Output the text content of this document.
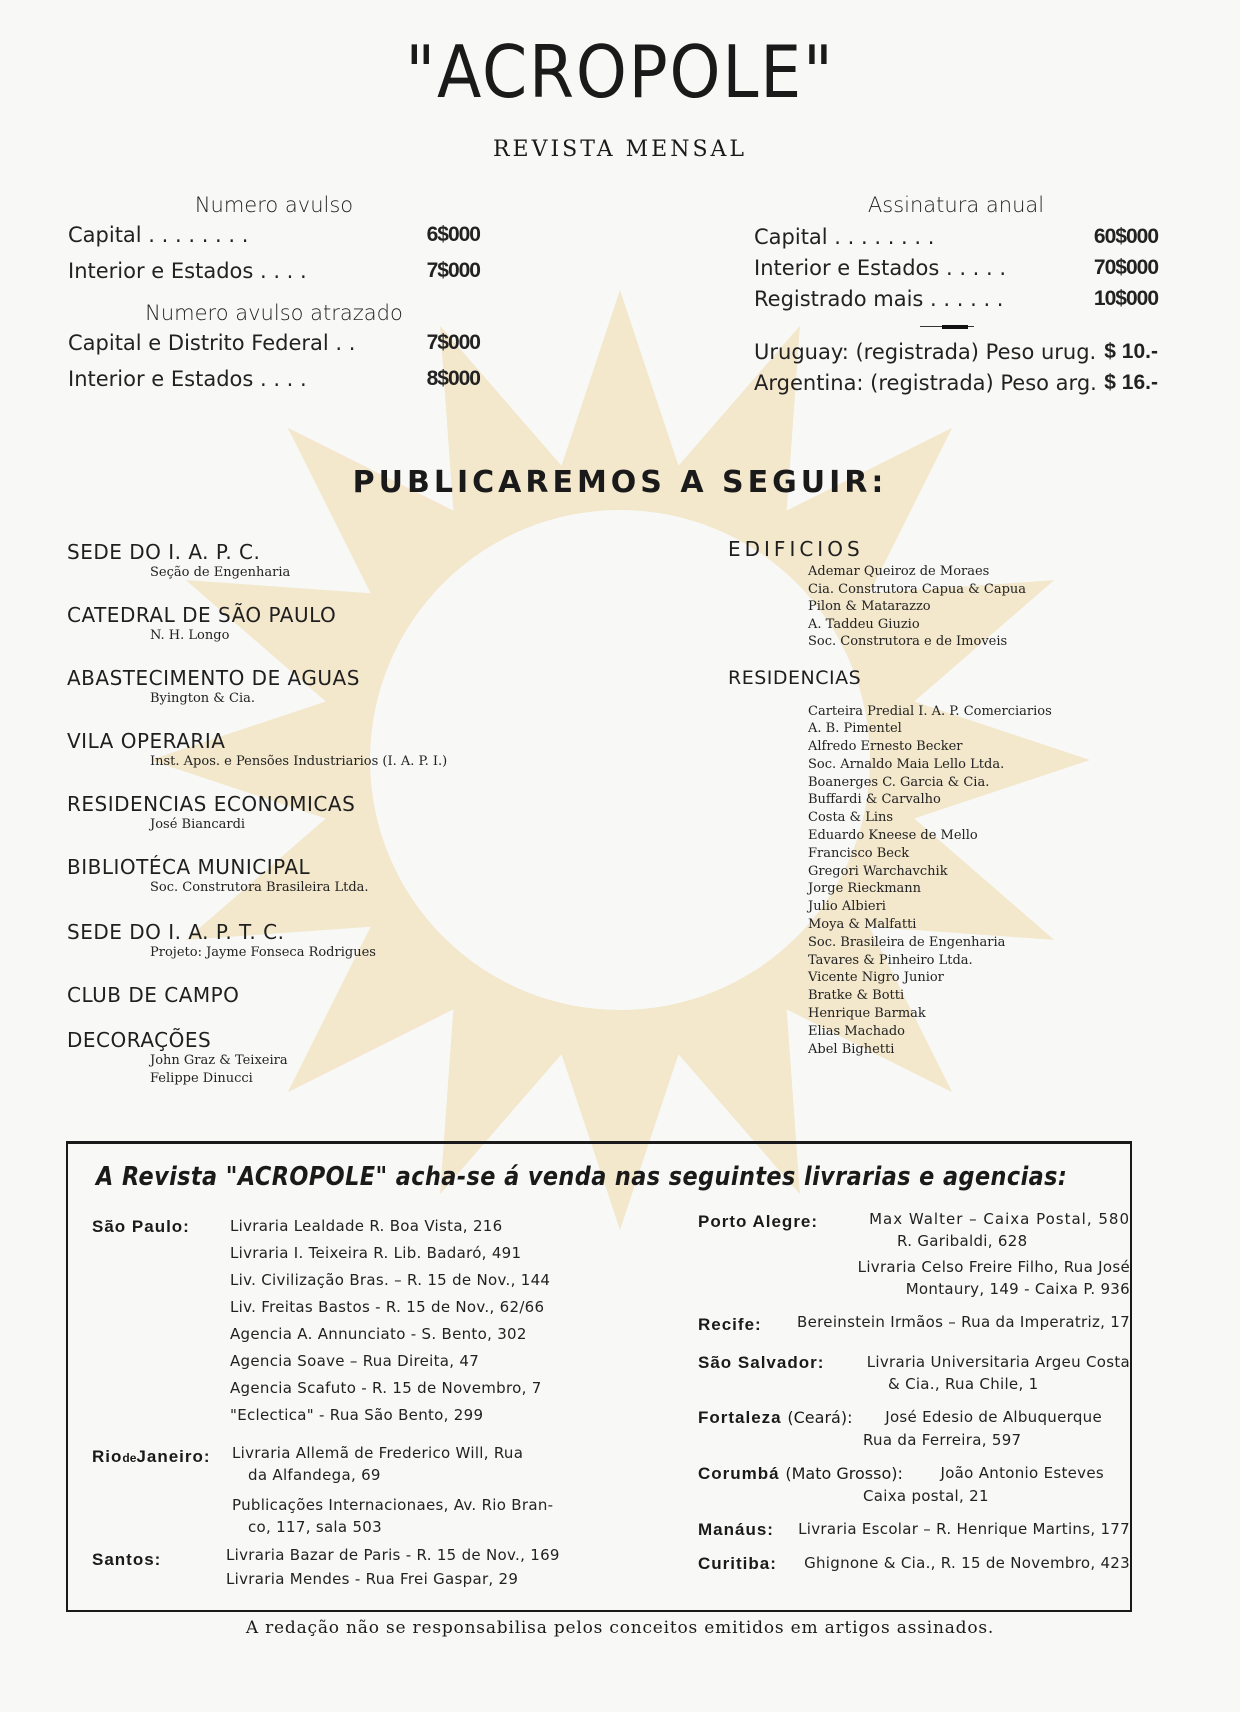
"ACROPOLE"
REVISTA MENSAL
Numero avulso
Capital . . . . . . . .	6$000
Interior e Estados . . . .	7$000
Numero avulso atrazado
Capital e Distrito Federal . .	7$000
Interior e Estados . . . .	8$000
Assinatura anual
Capital . . . . . . . .	60$000
Interior e Estados . . . . .	70$000
Registrado mais . . . . . .	10$000
Uruguay: (registrada) Peso urug. $ 10.-
Argentina: (registrada) Peso arg. $ 16.-
PUBLICAREMOS A SEGUIR:
SEDE DO I. A. P. C.
Seção de Engenharia
CATEDRAL DE SÃO PAULO
N. H. Longo
ABASTECIMENTO DE AGUAS
Byington & Cia.
VILA OPERARIA
Inst. Apos. e Pensões Industriarios (I. A. P. I.)
RESIDENCIAS ECONOMICAS
José Biancardi
BIBLIOTÉCA MUNICIPAL
Soc. Construtora Brasileira Ltda.
SEDE DO I. A. P. T. C.
Projeto: Jayme Fonseca Rodrigues
CLUB DE CAMPO
DECORAÇÕES
John Graz & Teixeira
Felippe Dinucci
EDIFICIOS
Ademar Queiroz de Moraes
Cia. Construtora Capua & Capua
Pilon & Matarazzo
A. Taddeu Giuzio
Soc. Construtora e de Imoveis
RESIDENCIAS
Carteira Predial I. A. P. Comerciarios
A. B. Pimentel
Alfredo Ernesto Becker
Soc. Arnaldo Maia Lello Ltda.
Boanerges C. Garcia & Cia.
Buffardi & Carvalho
Costa & Lins
Eduardo Kneese de Mello
Francisco Beck
Gregori Warchavchik
Jorge Rieckmann
Julio Albieri
Moya & Malfatti
Soc. Brasileira de Engenharia
Tavares & Pinheiro Ltda.
Vicente Nigro Junior
Bratke & Botti
Henrique Barmak
Elias Machado
Abel Bighetti
A Revista "ACROPOLE" acha-se á venda nas seguintes livrarias e agencias:
São Paulo:	Livraria Lealdade R. Boa Vista, 216
Livraria I. Teixeira R. Lib. Badaró, 491
Liv. Civilização Bras. – R. 15 de Nov., 144
Liv. Freitas Bastos - R. 15 de Nov., 62/66
Agencia A. Annunciato - S. Bento, 302
Agencia Soave – Rua Direita, 47
Agencia Scafuto - R. 15 de Novembro, 7
"Eclectica" - Rua São Bento, 299
RiodeJaneiro: Livraria Allemã de Frederico Will, Rua
da Alfandega, 69
Publicações Internacionaes, Av. Rio Bran-
co, 117, sala 503
Santos:	Livraria Bazar de Paris - R. 15 de Nov., 169
Livraria Mendes - Rua Frei Gaspar, 29
Porto Alegre:	Max Walter – Caixa Postal, 580
R. Garibaldi, 628
Livraria Celso Freire Filho, Rua José
Montaury, 149 - Caixa P. 936
Recife: Bereinstein Irmãos – Rua da Imperatriz, 17
São Salvador:	Livraria Universitaria Argeu Costa
& Cia., Rua Chile, 1
Fortaleza (Ceará): José Edesio de Albuquerque
Rua da Ferreira, 597
Corumbá (Mato Grosso):	João Antonio Esteves
Caixa postal, 21
Manáus: Livraria Escolar – R. Henrique Martins, 177
Curitiba: Ghignone & Cia., R. 15 de Novembro, 423
A redação não se responsabilisa pelos conceitos emitidos em artigos assinados.
